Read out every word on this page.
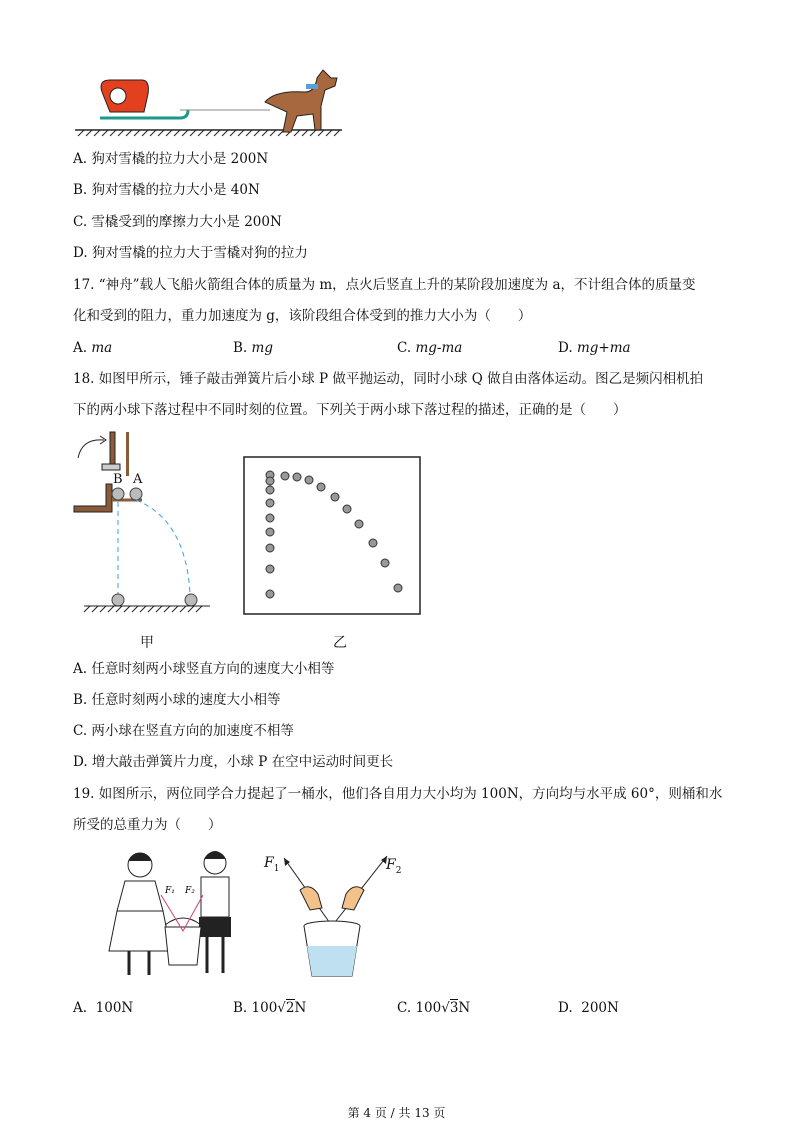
A. 狗对雪橇的拉力大小是 200N
B. 狗对雪橇的拉力大小是 40N
C. 雪橇受到的摩擦力大小是 200N
D. 狗对雪橇的拉力大于雪橇对狗的拉力
17. “神舟”载人飞船火箭组合体的质量为 m，点火后竖直上升的某阶段加速度为 a，不计组合体的质量变
化和受到的阻力，重力加速度为 g，该阶段组合体受到的推力大小为（　　）
A. ma	B. mg	C. mg-ma	D. mg+ma
18. 如图甲所示，锤子敲击弹簧片后小球 P 做平抛运动，同时小球 Q 做自由落体运动。图乙是频闪相机拍
下的两小球下落过程中不同时刻的位置。下列关于两小球下落过程的描述，正确的是（　　）
B A
甲	乙
A. 任意时刻两小球竖直方向的速度大小相等
B. 任意时刻两小球的速度大小相等
C. 两小球在竖直方向的加速度不相等
D. 增大敲击弹簧片力度，小球 P 在空中运动时间更长
19. 如图所示，两位同学合力提起了一桶水，他们各自用力大小均为 100N，方向均与水平成 60°，则桶和水
所受的总重力为（　　）
F₁ F₂
$F_1$	$F_2$
A. 100N	B. 100√2N	C. 100√3N	D. 200N
第 4 页 / 共 13 页
